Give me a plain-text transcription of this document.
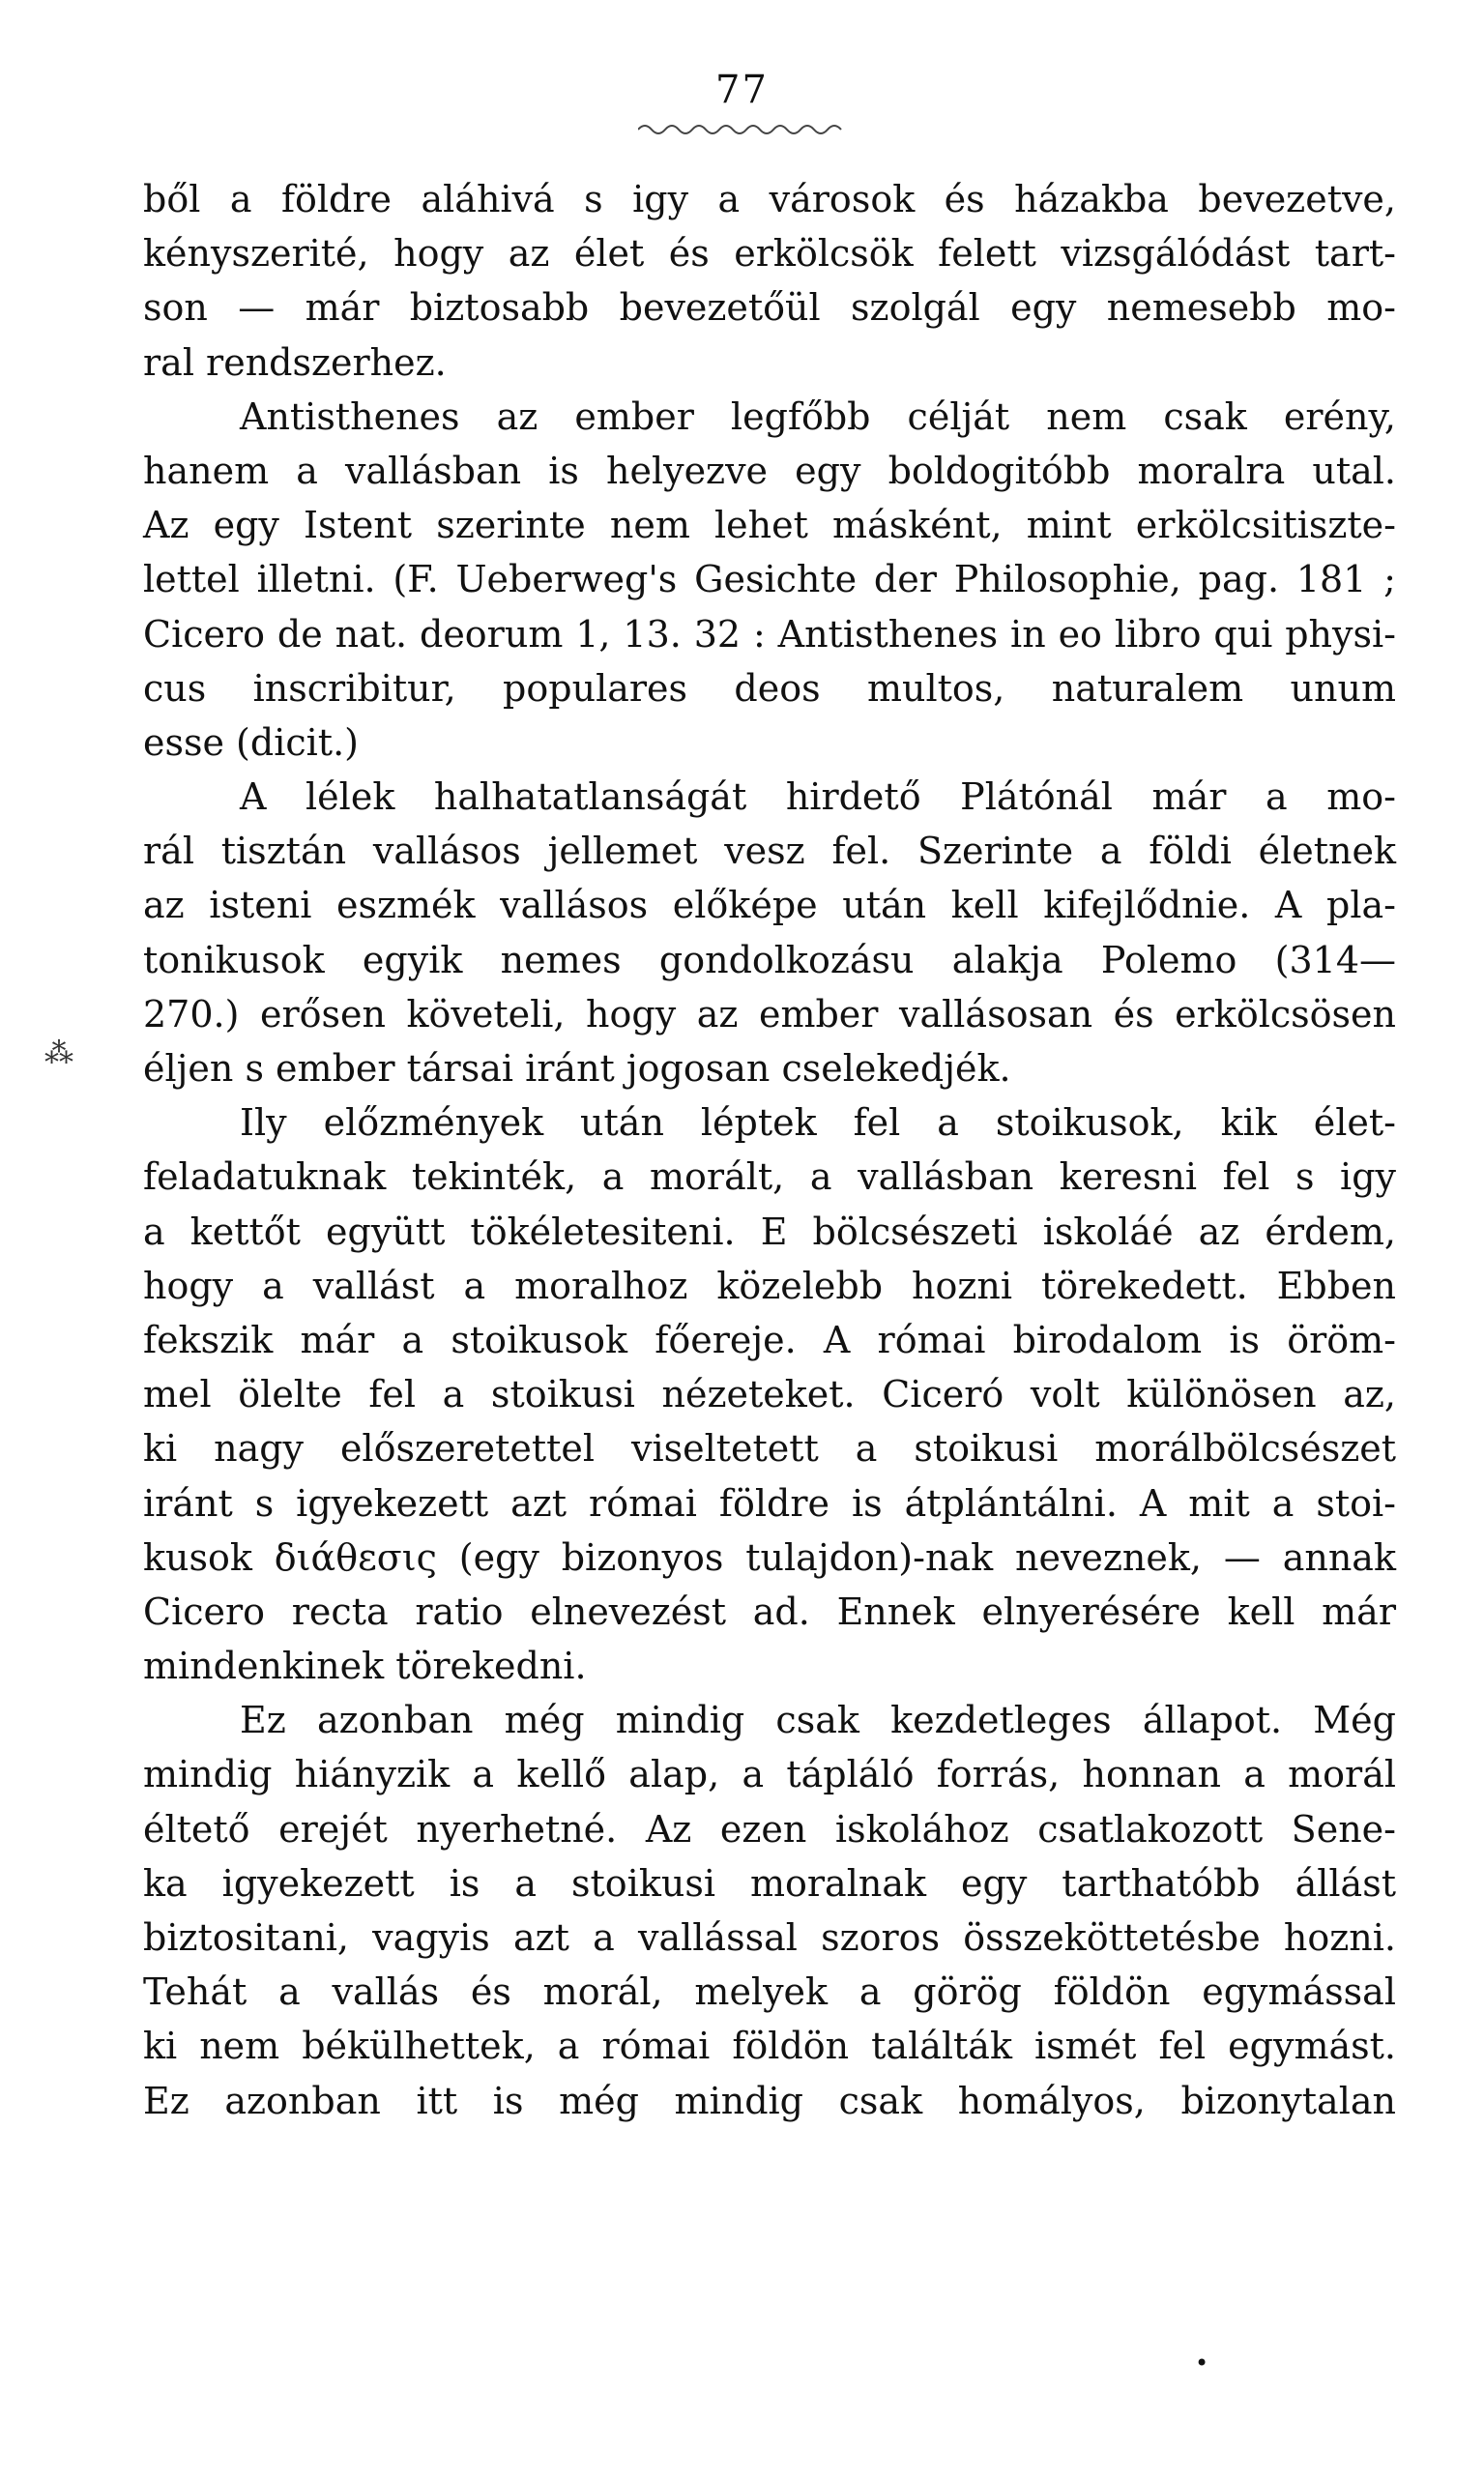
77
⁂
ből a földre aláhivá s igy a városok és házakba bevezetve,
kényszerité, hogy az élet és erkölcsök felett vizsgálódást tart-
son — már biztosabb bevezetőül szolgál egy nemesebb mo-
ral rendszerhez.
Antisthenes az ember legfőbb célját nem csak erény,
hanem a vallásban is helyezve egy boldogitóbb moralra utal.
Az egy Istent szerinte nem lehet másként, mint erkölcsitiszte-
lettel illetni. (F. Ueberweg's Gesichte der Philosophie, pag. 181 ;
Cicero de nat. deorum 1, 13. 32 : Antisthenes in eo libro qui physi-
cus inscribitur, populares deos multos, naturalem unum
esse (dicit.)
A lélek halhatatlanságát hirdető Plátónál már a mo-
rál tisztán vallásos jellemet vesz fel. Szerinte a földi életnek
az isteni eszmék vallásos előképe után kell kifejlődnie. A pla-
tonikusok egyik nemes gondolkozásu alakja Polemo (314—
270.) erősen követeli, hogy az ember vallásosan és erkölcsösen
éljen s ember társai iránt jogosan cselekedjék.
Ily előzmények után léptek fel a stoikusok, kik élet-
feladatuknak tekinték, a morált, a vallásban keresni fel s igy
a kettőt együtt tökéletesiteni. E bölcsészeti iskoláé az érdem,
hogy a vallást a moralhoz közelebb hozni törekedett. Ebben
fekszik már a stoikusok főereje. A római birodalom is öröm-
mel ölelte fel a stoikusi nézeteket. Ciceró volt különösen az,
ki nagy előszeretettel viseltetett a stoikusi morálbölcsészet
iránt s igyekezett azt római földre is átplántálni. A mit a stoi-
kusok διάθεσις (egy bizonyos tulajdon)-nak neveznek, — annak
Cicero recta ratio elnevezést ad. Ennek elnyerésére kell már
mindenkinek törekedni.
Ez azonban még mindig csak kezdetleges állapot. Még
mindig hiányzik a kellő alap, a tápláló forrás, honnan a morál
éltető erejét nyerhetné. Az ezen iskolához csatlakozott Sene-
ka igyekezett is a stoikusi moralnak egy tarthatóbb állást
biztositani, vagyis azt a vallással szoros összeköttetésbe hozni.
Tehát a vallás és morál, melyek a görög földön egymással
ki nem békülhettek, a római földön találták ismét fel egymást.
Ez azonban itt is még mindig csak homályos, bizonytalan
•
